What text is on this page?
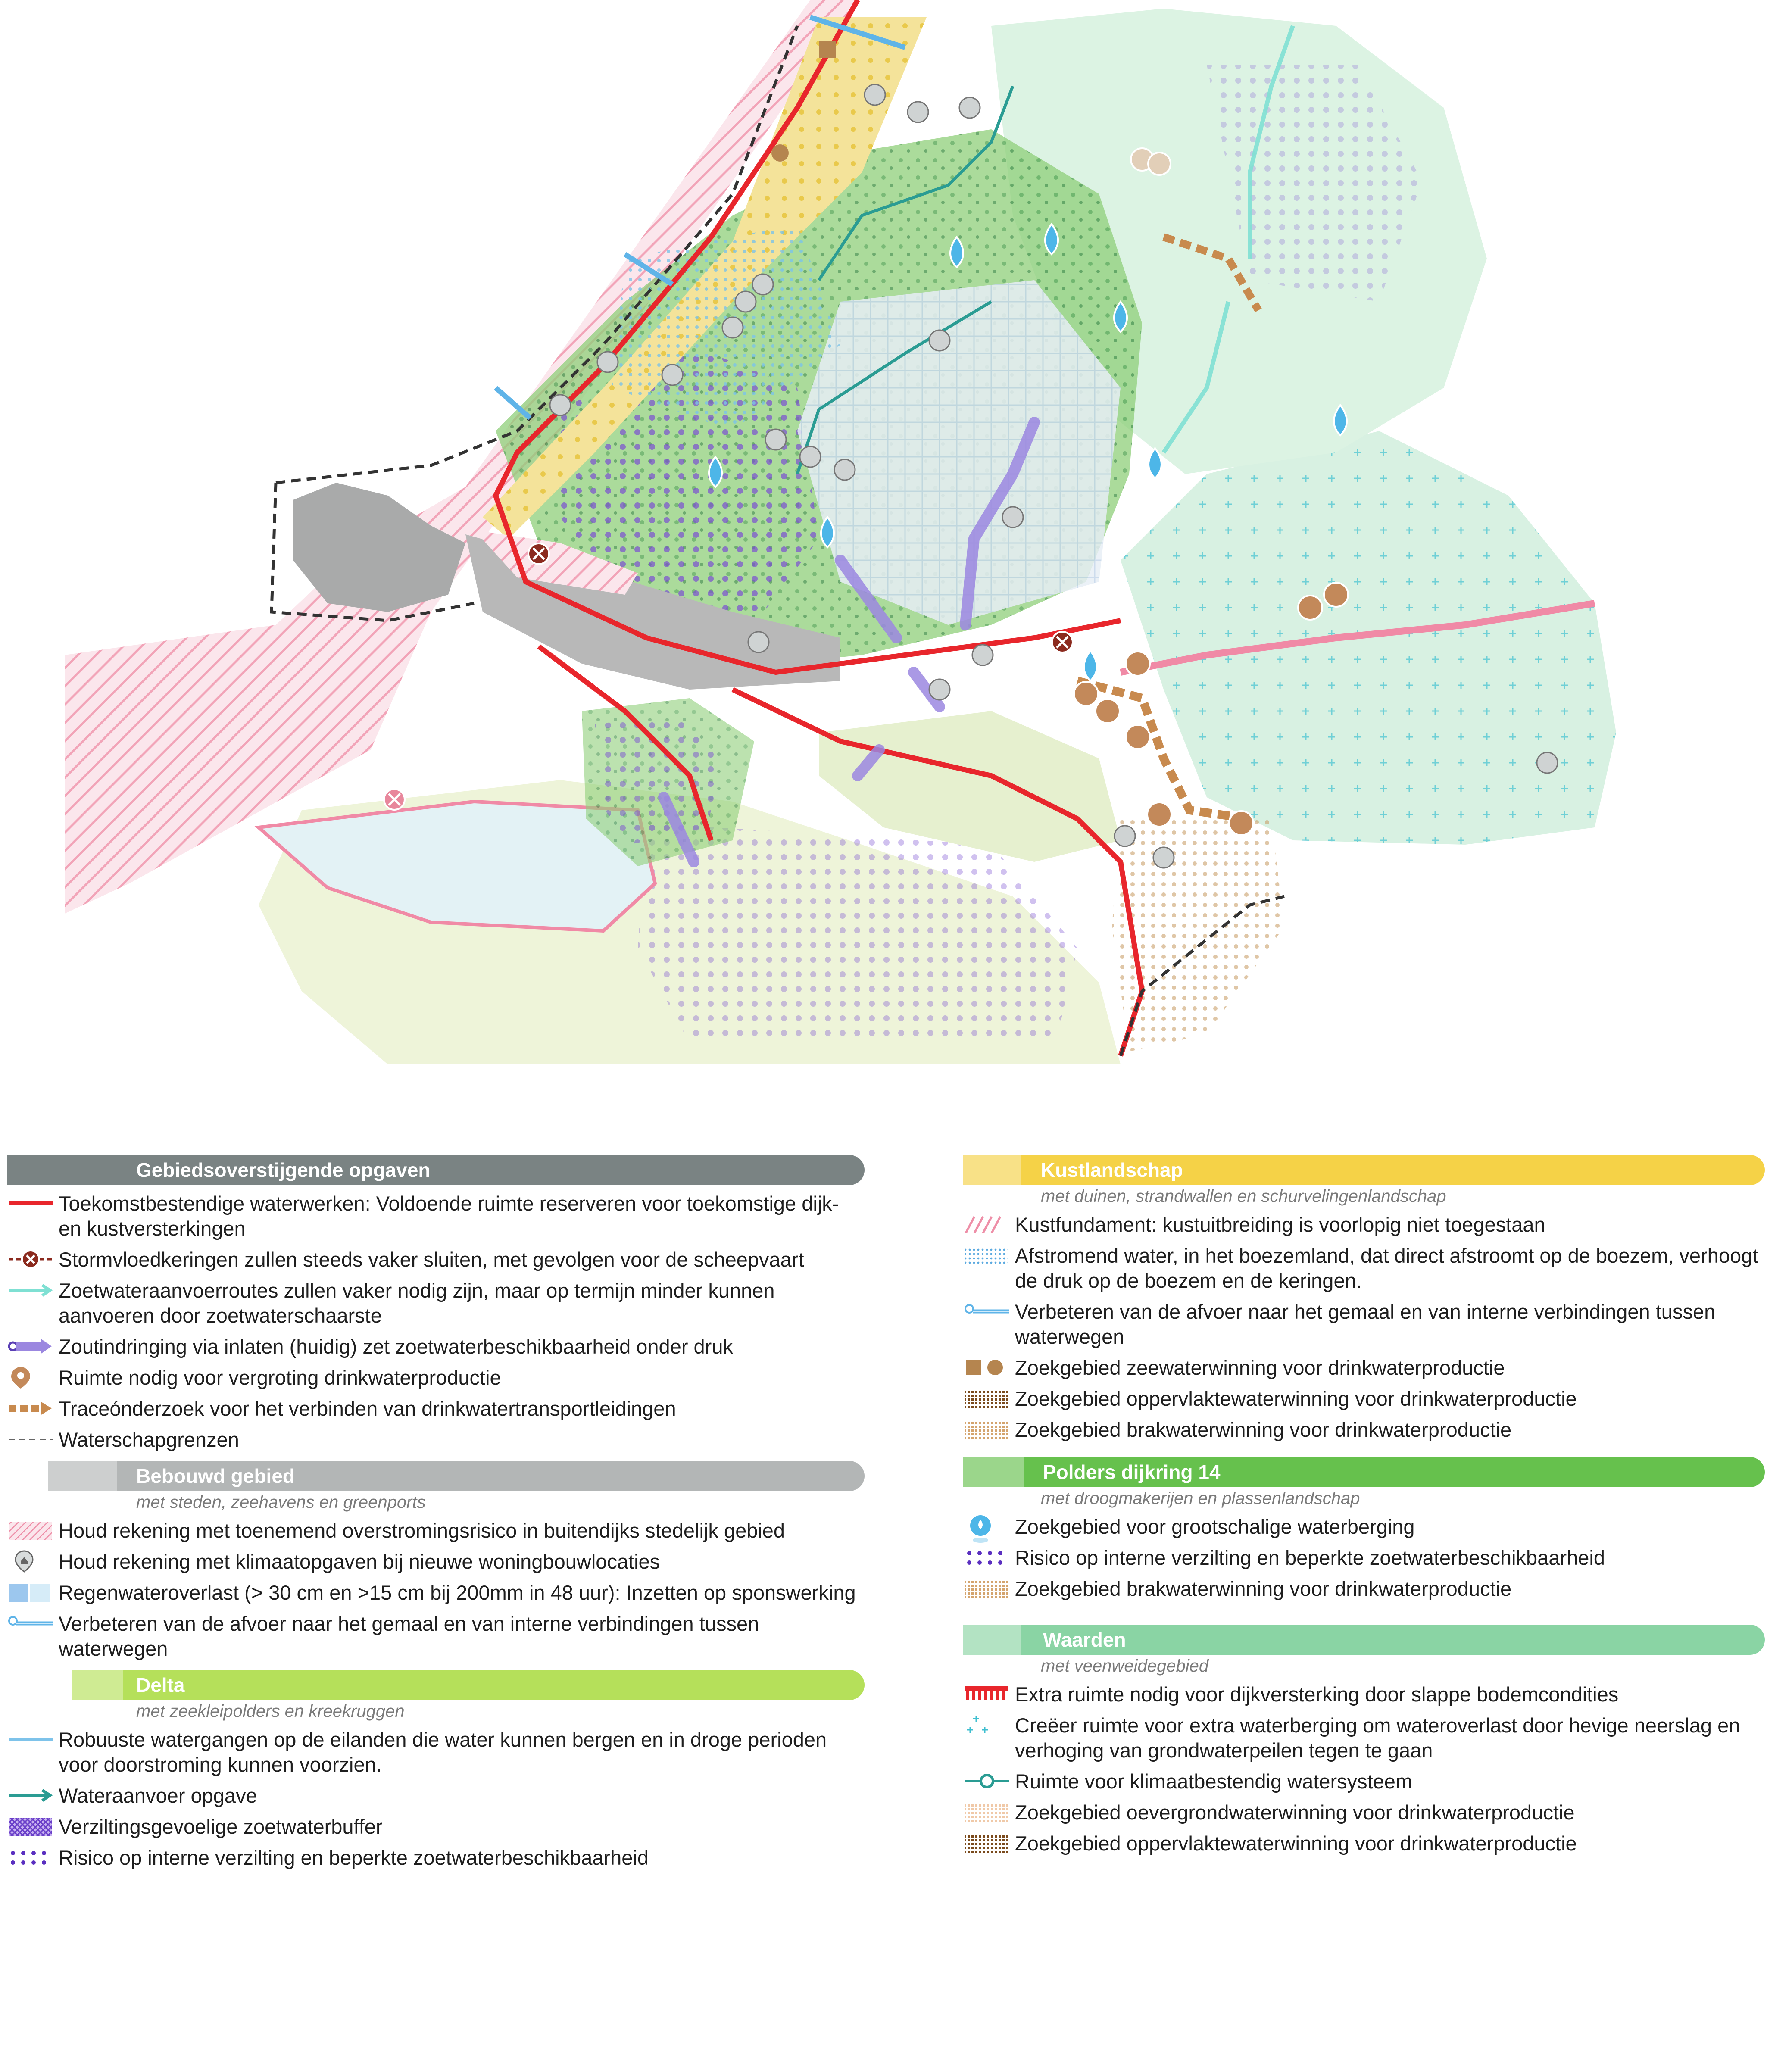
Gebiedsoverstijgende opgaven
Toekomstbestendige waterwerken: Voldoende ruimte reserveren voor toekomstige dijk- en kustversterkingen
Stormvloedkeringen zullen steeds vaker sluiten, met gevolgen voor de scheepvaart
Zoetwateraanvoerroutes zullen vaker nodig zijn, maar op termijn minder kunnen aanvoeren door zoetwaterschaarste
Zoutindringing via inlaten (huidig) zet zoetwaterbeschikbaarheid onder druk
Ruimte nodig voor vergroting drinkwaterproductie
Traceónderzoek voor het verbinden van drinkwatertransportleidingen
Waterschapgrenzen
Bebouwd gebied
met steden, zeehavens en greenports
Houd rekening met toenemend overstromingsrisico in buitendijks stedelijk gebied
Houd rekening met klimaatopgaven bij nieuwe woningbouwlocaties
Regenwateroverlast (> 30 cm en >15 cm bij 200mm in 48 uur): Inzetten op sponswerking
Verbeteren van de afvoer naar het gemaal en van interne verbindingen tussen waterwegen
Delta
met zeekleipolders en kreekruggen
Robuuste watergangen op de eilanden die water kunnen bergen en in droge perioden voor doorstroming kunnen voorzien.
Wateraanvoer opgave
Verziltingsgevoelige zoetwaterbuffer
Risico op interne verzilting en beperkte zoetwaterbeschikbaarheid
Kustlandschap
met duinen, strandwallen en schurvelingenlandschap
Kustfundament: kustuitbreiding is voorlopig niet toegestaan
Afstromend water, in het boezemland, dat direct afstroomt op de boezem, verhoogt de druk op de boezem en de keringen.
Verbeteren van de afvoer naar het gemaal en van interne verbindingen tussen waterwegen
Zoekgebied zeewaterwinning voor drinkwaterproductie
Zoekgebied oppervlaktewaterwinning voor drinkwaterproductie
Zoekgebied brakwaterwinning voor drinkwaterproductie
Polders dijkring 14
met droogmakerijen en plassenlandschap
Zoekgebied voor grootschalige waterberging
Risico op interne verzilting en beperkte zoetwaterbeschikbaarheid
Zoekgebied brakwaterwinning voor drinkwaterproductie
Waarden
met veenweidegebied
Extra ruimte nodig voor dijkversterking door slappe bodemcondities
Creëer ruimte voor extra waterberging om wateroverlast door hevige neerslag en verhoging van grondwaterpeilen tegen te gaan
Ruimte voor klimaatbestendig watersysteem
Zoekgebied oevergrondwaterwinning voor drinkwaterproductie
Zoekgebied oppervlaktewaterwinning voor drinkwaterproductie
